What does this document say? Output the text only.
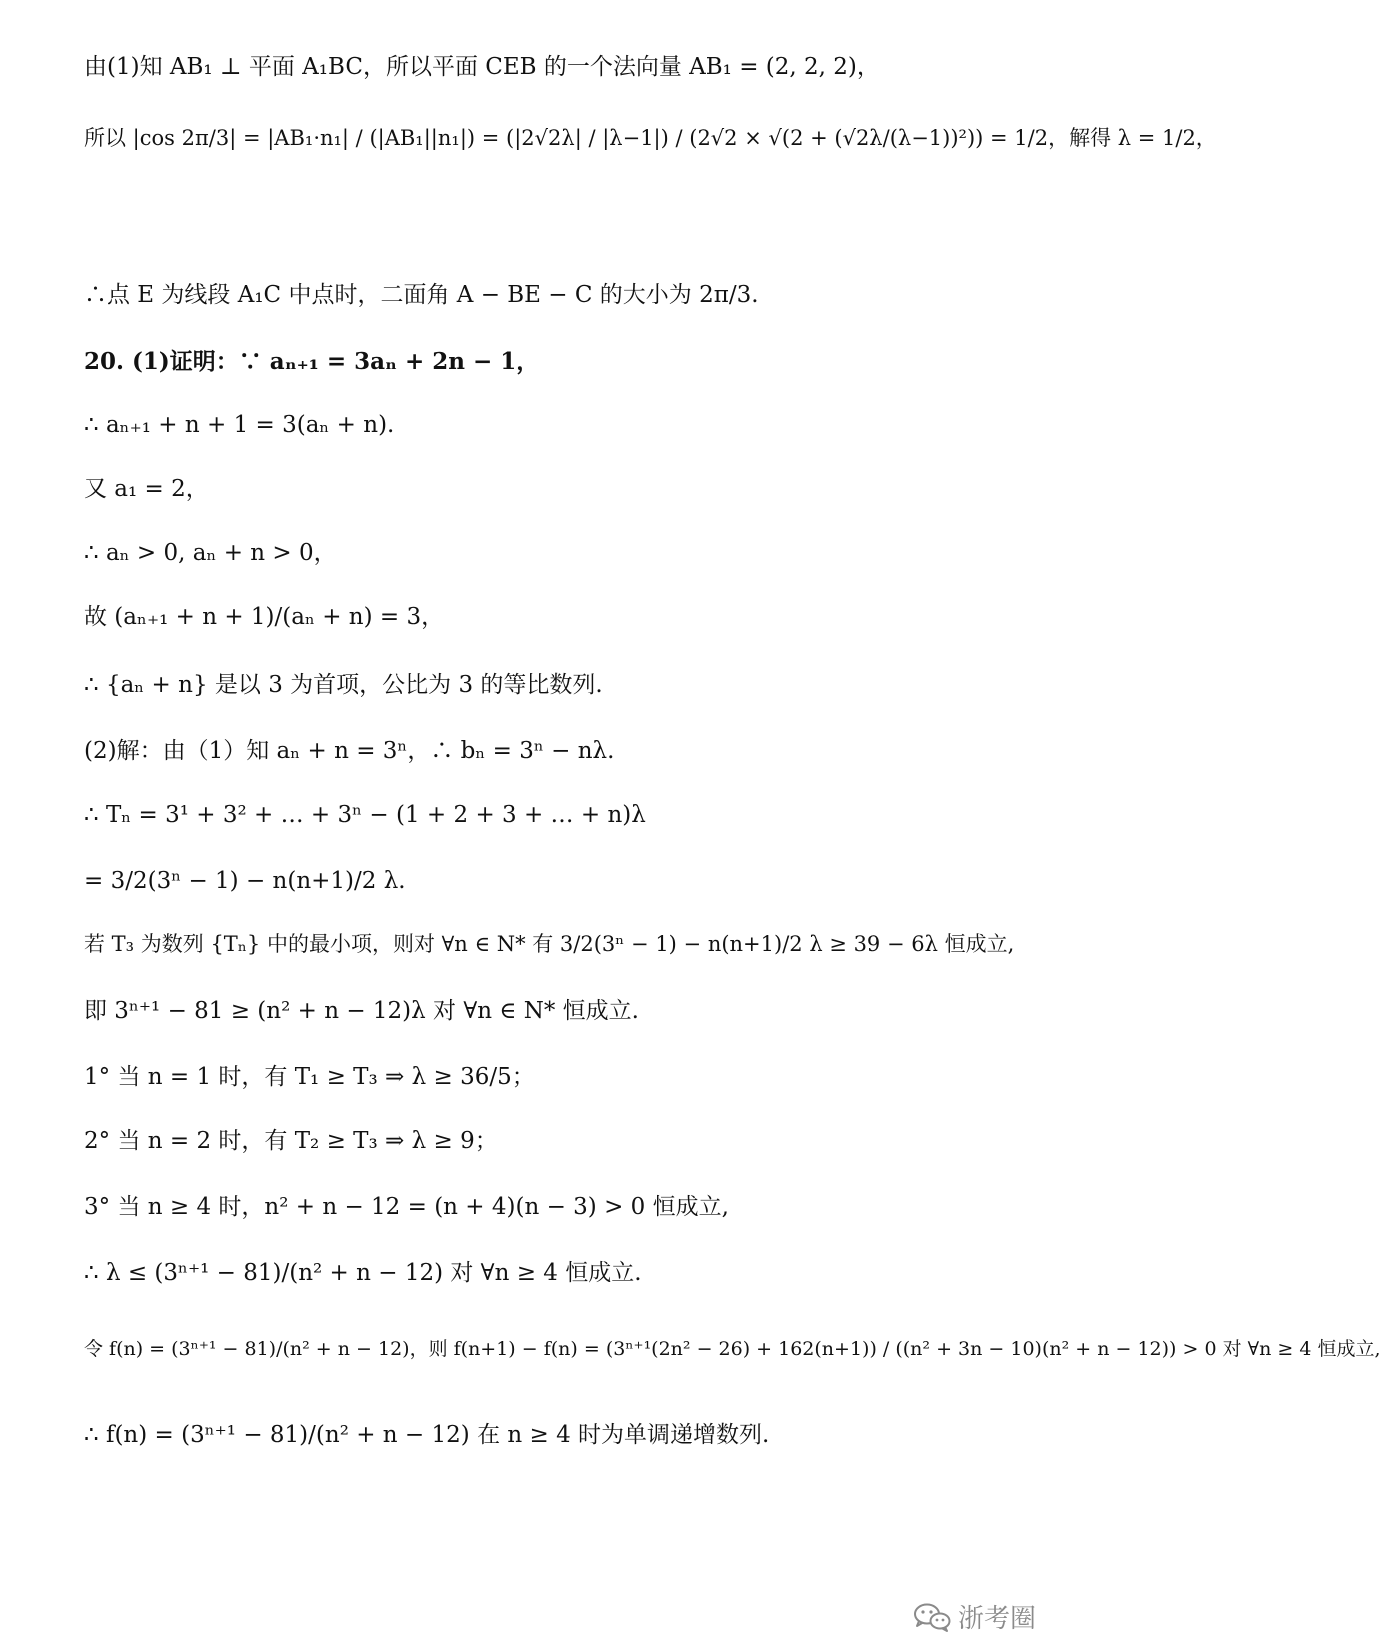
由(1)知 AB₁ ⊥ 平面 A₁BC，所以平面 CEB 的一个法向量 AB₁ = (2, 2, 2)，
所以 |cos 2π/3| = |AB₁·n₁| / (|AB₁||n₁|) = (|2√2λ| / |λ−1|) / (2√2 × √(2 + (√2λ/(λ−1))²)) = 1/2，解得 λ = 1/2，
∴点 E 为线段 A₁C 中点时，二面角 A − BE − C 的大小为 2π/3.
20. (1)证明：∵ aₙ₊₁ = 3aₙ + 2n − 1，
∴ aₙ₊₁ + n + 1 = 3(aₙ + n).
又 a₁ = 2，
∴ aₙ > 0, aₙ + n > 0，
故 (aₙ₊₁ + n + 1)/(aₙ + n) = 3，
∴ {aₙ + n} 是以 3 为首项，公比为 3 的等比数列.
(2)解：由（1）知 aₙ + n = 3ⁿ，∴ bₙ = 3ⁿ − nλ.
∴ Tₙ = 3¹ + 3² + … + 3ⁿ − (1 + 2 + 3 + … + n)λ
= 3/2(3ⁿ − 1) − n(n+1)/2 λ.
若 T₃ 为数列 {Tₙ} 中的最小项，则对 ∀n ∈ N* 有 3/2(3ⁿ − 1) − n(n+1)/2 λ ≥ 39 − 6λ 恒成立,
即 3ⁿ⁺¹ − 81 ≥ (n² + n − 12)λ 对 ∀n ∈ N* 恒成立.
1° 当 n = 1 时，有 T₁ ≥ T₃ ⇒ λ ≥ 36/5；
2° 当 n = 2 时，有 T₂ ≥ T₃ ⇒ λ ≥ 9；
3° 当 n ≥ 4 时，n² + n − 12 = (n + 4)(n − 3) > 0 恒成立,
∴ λ ≤ (3ⁿ⁺¹ − 81)/(n² + n − 12) 对 ∀n ≥ 4 恒成立.
令 f(n) = (3ⁿ⁺¹ − 81)/(n² + n − 12)，则 f(n+1) − f(n) = (3ⁿ⁺¹(2n² − 26) + 162(n+1)) / ((n² + 3n − 10)(n² + n − 12)) > 0 对 ∀n ≥ 4 恒成立,
∴ f(n) = (3ⁿ⁺¹ − 81)/(n² + n − 12) 在 n ≥ 4 时为单调递增数列.
浙考圈
